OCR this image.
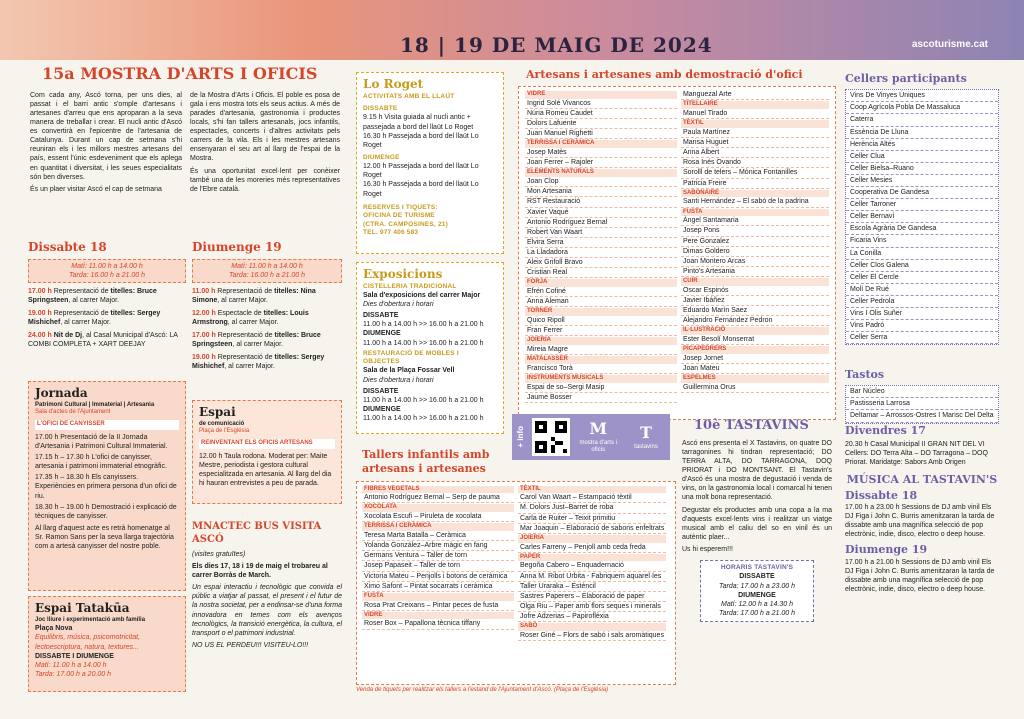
18 | 19 DE MAIG DE 2024	ascoturisme.cat
15a MOSTRA D'ARTS I OFICIS

Com cada any, Ascó torna, per uns dies, al passat i el barri antic s'omple d'artesans i artesanes d'arreu que ens aproparan a la seva manera de treballar i crear. El nucli antic d'Ascó es convertirà en l'epicentre de l'artesania de Catalunya. Durant un cap de setmana s'hi reuniran els i les millors mestres artesans del país, essent l'únic esdeveniment que els aplega en quantitat i diversitat, i les seues especialitats són ben diverses.

És un plaer visitar Ascó el cap de setmana

de la Mostra d'Arts i Oficis. El poble es posa de gala i ens mostra tots els seus actius. A més de parades d'artesania, gastronomia i productes locals, s'hi fan tallers artesanals, jocs infantils, espectacles, concerts i d'altres activitats pels carrers de la vila. Els i les mestres artesans ensenyaran el seu art al llarg de l'espai de la Mostra.

És una oportunitat excel·lent per conèixer també una de les moreries més representatives de l'Ebre català.

Dissabte 18
Matí: 11.00 h a 14.00 h
Tarda: 16.00 h a 21.00 h
17.00 h Representació de titelles: Bruce Springsteen, al carrer Major.
19.00 h Representació de titelles: Sergey Mishichef, al carrer Major.
24.00 h Nit de Dj, al Casal Municipal d'Ascó: LA COMBI COMPLETA + XART DEEJAY
Diumenge 19
Matí: 11.00 h a 14.00 h
Tarda: 16.00 h a 21.00 h
11.00 h Representació de titelles: Nina Simone, al carrer Major.
12.00 h Espectacle de titelles: Louis Armstrong, al carrer Major.
17.00 h Representació de titelles: Bruce Springsteen, al carrer Major.
19.00 h Representació de titelles: Sergey Mishichef, al carrer Major.
Jornada
Patrimoni Cultural | Immaterial | Artesania
Sala d'actes de l'Ajuntament
L'OFICI DE CANYISSER
17.00 h Presentació de la II Jornada d'Artesania i Patrimoni Cultural Immaterial.
17.15 h – 17.30 h L'ofici de canyisser, artesania i patrimoni immaterial etnogràfic.
17.35 h – 18.30 h Els canyissers. Experiències en primera persona d'un ofici de riu.
18.30 h – 19.00 h Demostració i explicació de tècniques de canyisser.
Al llarg d'aquest acte es retrà homenatge al Sr. Ramon Sans per la seva llarga trajectòria com a artesà canyisser del nostre poble.
Espai Tatakūa
Joc lliure i experimentació amb família
Plaça Nova
Equilibris, música, psicomotricitat, lectoescriptura, natura, textures...
DISSABTE I DIUMENGE
Matí: 11.00 h a 14.00 h
Tarda: 17.00 h a 20.00 h
Espai
de comunicació
Plaça de l'Església
REINVENTANT ELS OFICIS ARTESANS
12.00 h Taula rodona. Moderat per: Maite Mestre, periodista i gestora cultural especialitzada en artesania. Al llarg del dia hi hauran entrevistes a peu de parada.
MNACTEC BUS VISITA ASCÓ
(visites gratuïtes)
Els dies 17, 18 i 19 de maig el trobareu al carrer Borràs de March.
Un espai interactiu i tecnològic que convida el públic a viatjar al passat, el present i el futur de la nostra societat, per a endinsar-se d'una forma innovadora en temes com els avenços tecnològics, la transició energètica, la cultura, el transport o el patrimoni industrial.
NO US EL PERDEU!!! VISITEU-LO!!!
Lo Roget
ACTIVITATS AMB EL LLAÜT
DISSABTE
9.15 h Visita guiada al nucli antic + passejada a bord del llaüt Lo Roget
16.30 h Passejada a bord del llaüt Lo Roget
DIUMENGE
12.00 h Passejada a bord del llaüt Lo Roget
16.30 h Passejada a bord del llaüt Lo Roget
RESERVES I TIQUETS:
OFICINA DE TURISME
(CTRA. CAMPOSINES, 21)
TEL. 977 406 583
Exposicions
CISTELLERIA TRADICIONAL
Sala d'exposicions del carrer Major
Dies d'obertura i horari
DISSABTE
11.00 h a 14.00 h >> 16.00 h a 21.00 h
DIUMENGE
11.00 h a 14.00 h >> 16.00 h a 21.00 h
RESTAURACIÓ DE MOBLES I OBJECTES
Sala de la Plaça Fossar Vell
Dies d'obertura i horari
DISSABTE
11.00 h a 14.00 h >> 16.00 h a 21.00 h
DIUMENGE
11.00 h a 14.00 h >> 16.00 h a 21.00 h
Artesans i artesanes amb demostració d'ofici
VIDRE
Ingrid Solé Vivancos
Núria Romeu Caudet
Dolors Lafuente
Juan Manuel Righetti
TERRISSA I CERÀMICA
Josep Matès
Joan Ferrer – Rajoler
ELEMENTS NATURALS
Joan Clop
Mon Artesania
RST Restauració
Xavier Vaqué
Antonio Rodríguez Bernal
Robert Van Waart
Elvira Serra
La Lladadora
Aleix Grifoll Bravo
Cristian Real
FORJA
Efrén Cofiné
Anna Aleman
TORNER
Quico Ripoll
Fran Ferrer
JOIERIA
Mireia Magre
MATALASSER
Francisco Torà
INSTRUMENTS MUSICALS
Espai de so–Sergi Masip
Jaume Bosser
Manguezal Arte
TITELLAIRE
Manuel Tirado
TÈXTIL
Paula Martínez
Marisa Huguet
Anna Albert
Rosa Inés Ovando
Sorolll de telers – Mònica Fontanilles
Patricia Freire
SABONAIRE
Santi Hernández – El sabó de la padrina
FUSTA
Àngel Santamaria
Josep Pons
Pere Gonzalez
Dimas Goldero
Joan Montero Arcas
Pinto's Artesania
CUIR
Oscar Espinós
Javier Ibáñez
Eduardo Marín Saez
Alejandro Fernández Pedron
IL·LUSTRACIÓ
Ester Besolí Monserrat
PICAPEDRERS
Josep Jornet
Joan Mateu
ESPELMES
Guillermina Orus
+ info	M
mostra d'arts i oficis
T
tastavins
Tallers infantils amb artesans i artesanes
FIBRES VEGETALS
Antonio Rodríguez Bernal – Serp de pauma
XOCOLATA
Xocolata Escufi – Piruleta de xocolata
TERRISSA I CERÀMICA
Teresa Marta Batalla – Ceràmica
Yolanda González–Arbre màgic en fang
Germans Ventura – Taller de torn
Josep Papaseit – Taller de torn
Victoria Mateu – Penjolls i botons de ceràmica
Ximo Safont – Pintat socarrats i ceràmica
FUSTA
Rosa Prat Creixans – Pintar peces de fusta
VIDRE
Roser Box – Papallona tècnica tiffany
TÈXTIL
Carol Van Waart – Estampació tèxtil
M. Dolors Just–Barret de roba
Carla de Ruiter – Teixit primitiu
Mar Joaquin – Elaboració de sabons enfeltrats
JOIERIA
Carles Farreny – Penjoll amb ceda freda
PAPER
Begoña Cabero – Enquadernació
Anna M. Ribot Urbita - Fabriquem aquarel·les
Taller Uraraka – Estèncil
Sastres Paperers – Elaboració de paper
Olga Riu – Paper amb flors seques i minerals
Jofre Adzerias – Papiroflèxia
SABÓ
Roser Giné – Flors de sabó i sals aromàtiques
Venda de tiquets per realitzar els tallers a l'estand de l'Ajuntament d'Ascó. (Plaça de l'Església)
10è TASTAVINS

Ascó ens presenta el X Tastavins, on quatre DO tarragonines hi tindran representació; DO TERRA ALTA, DO TARRAGONA, DOQ PRIORAT i DO MONTSANT. El Tastavin's d'Ascó és una mostra de degustació i venda de vins, on la gastronomia local i comarcal hi tenen una molt bona representació.

Degustar els productes amb una copa a la ma d'aquests excel·lents vins i realitzar un viatge musical amb el caliu del so en vinil és un autèntic plaer...

Us hi esperem!!!

HORARIS TASTAVIN'S
DISSABTE
Tarda: 17.00 h a 23.00 h
DIUMENGE
Matí: 12.00 h a 14.30 h
Tarda: 17.00 h a 21.00 h
Cellers participants
Vins De Vinyes Úniques
Coop Agrícola Pobla De Massaluca
Caterra
Essència De Lluna
Herència Altés
Celler Clua
Celler Bielsa–Ruano
Celler Mesies
Cooperativa De Gandesa
Celler Tarroner
Celler Bernaví
Escola Agrària De Gandesa
Ficaria Vins
La Conilla
Celler Clos Galena
Celler El Cercle
Molí De Rué
Celler Pedrola
Vins I Olis Suñer
Vins Padró
Celler Serra
Tastos
Bar Núcleo
Pastisseria Larrosa
Deltamar – Arrossos-Ostres I Marisc Del Delta
Divendres 17
20.30 h Casal Municipal II GRAN NIT DEL VI Cellers: DO Terra Alta – DO Tarragona – DOQ Priorat. Maridatge: Sabors Amb Origen
MÚSICA AL TASTAVIN'S
Dissabte 18
17.00 h a 23.00 h Sessions de DJ amb vinil Els DJ Figa i John C. Burris amenitzaran la tarda de dissabte amb una magnífica selecció de pop electrònic, indie, disco, electro o deep house.
Diumenge 19
17.00 h a 21.00 h Sessions de DJ amb vinil Els DJ Figa i John C. Burris amenitzaran la tarda de dissabte amb una magnífica selecció de pop electrònic, indie, disco, electro o deep house.
